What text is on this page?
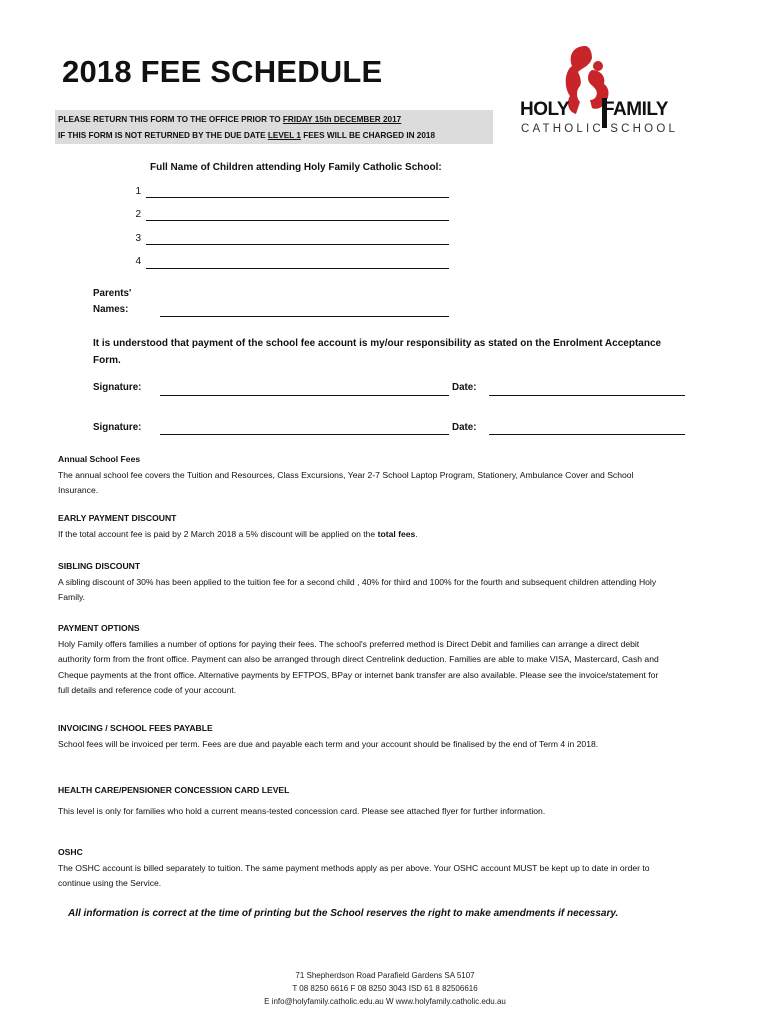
2018 FEE SCHEDULE
PLEASE RETURN THIS FORM TO THE OFFICE PRIOR TO FRIDAY 15th DECEMBER 2017
IF THIS FORM IS NOT RETURNED BY THE DUE DATE LEVEL 1 FEES WILL BE CHARGED IN 2018
HOLY FAMILY
CATHOLIC SCHOOL
Full Name of Children attending Holy Family Catholic School:
1
2
3
4
Parents'
Names:
It is understood that payment of the school fee account is my/our responsibility as stated on the Enrolment Acceptance Form.
Signature:	Date:
Signature:	Date:
Annual School Fees
The annual school fee covers the Tuition and Resources, Class Excursions, Year 2-7 School Laptop Program, Stationery, Ambulance Cover and School Insurance.
EARLY PAYMENT DISCOUNT
If the total account fee is paid by 2 March 2018 a 5% discount will be applied on the total fees.
SIBLING DISCOUNT
A sibling discount of 30% has been applied to the tuition fee for a second child , 40% for third and 100% for the fourth and subsequent children attending Holy Family.
PAYMENT OPTIONS
Holy Family offers families a number of options for paying their fees. The school's preferred method is Direct Debit and families can arrange a direct debit authority form from the front office. Payment can also be arranged through direct Centrelink deduction. Families are able to make VISA, Mastercard, Cash and Cheque payments at the front office. Alternative payments by EFTPOS, BPay or internet bank transfer are also available. Please see the invoice/statement for full details and reference code of your account.
INVOICING / SCHOOL FEES PAYABLE
School fees will be invoiced per term. Fees are due and payable each term and your account should be finalised by the end of Term 4 in 2018.
HEALTH CARE/PENSIONER CONCESSION CARD LEVEL
This level is only for families who hold a current means-tested concession card. Please see attached flyer for further information.
OSHC
The OSHC account is billed separately to tuition. The same payment methods apply as per above. Your OSHC account MUST be kept up to date in order to continue using the Service.
All information is correct at the time of printing but the School reserves the right to make amendments if necessary.
71 Shepherdson Road Parafield Gardens SA 5107
T 08 8250 6616 F 08 8250 3043 ISD 61 8 82506616
E info@holyfamily.catholic.edu.au W www.holyfamily.catholic.edu.au
